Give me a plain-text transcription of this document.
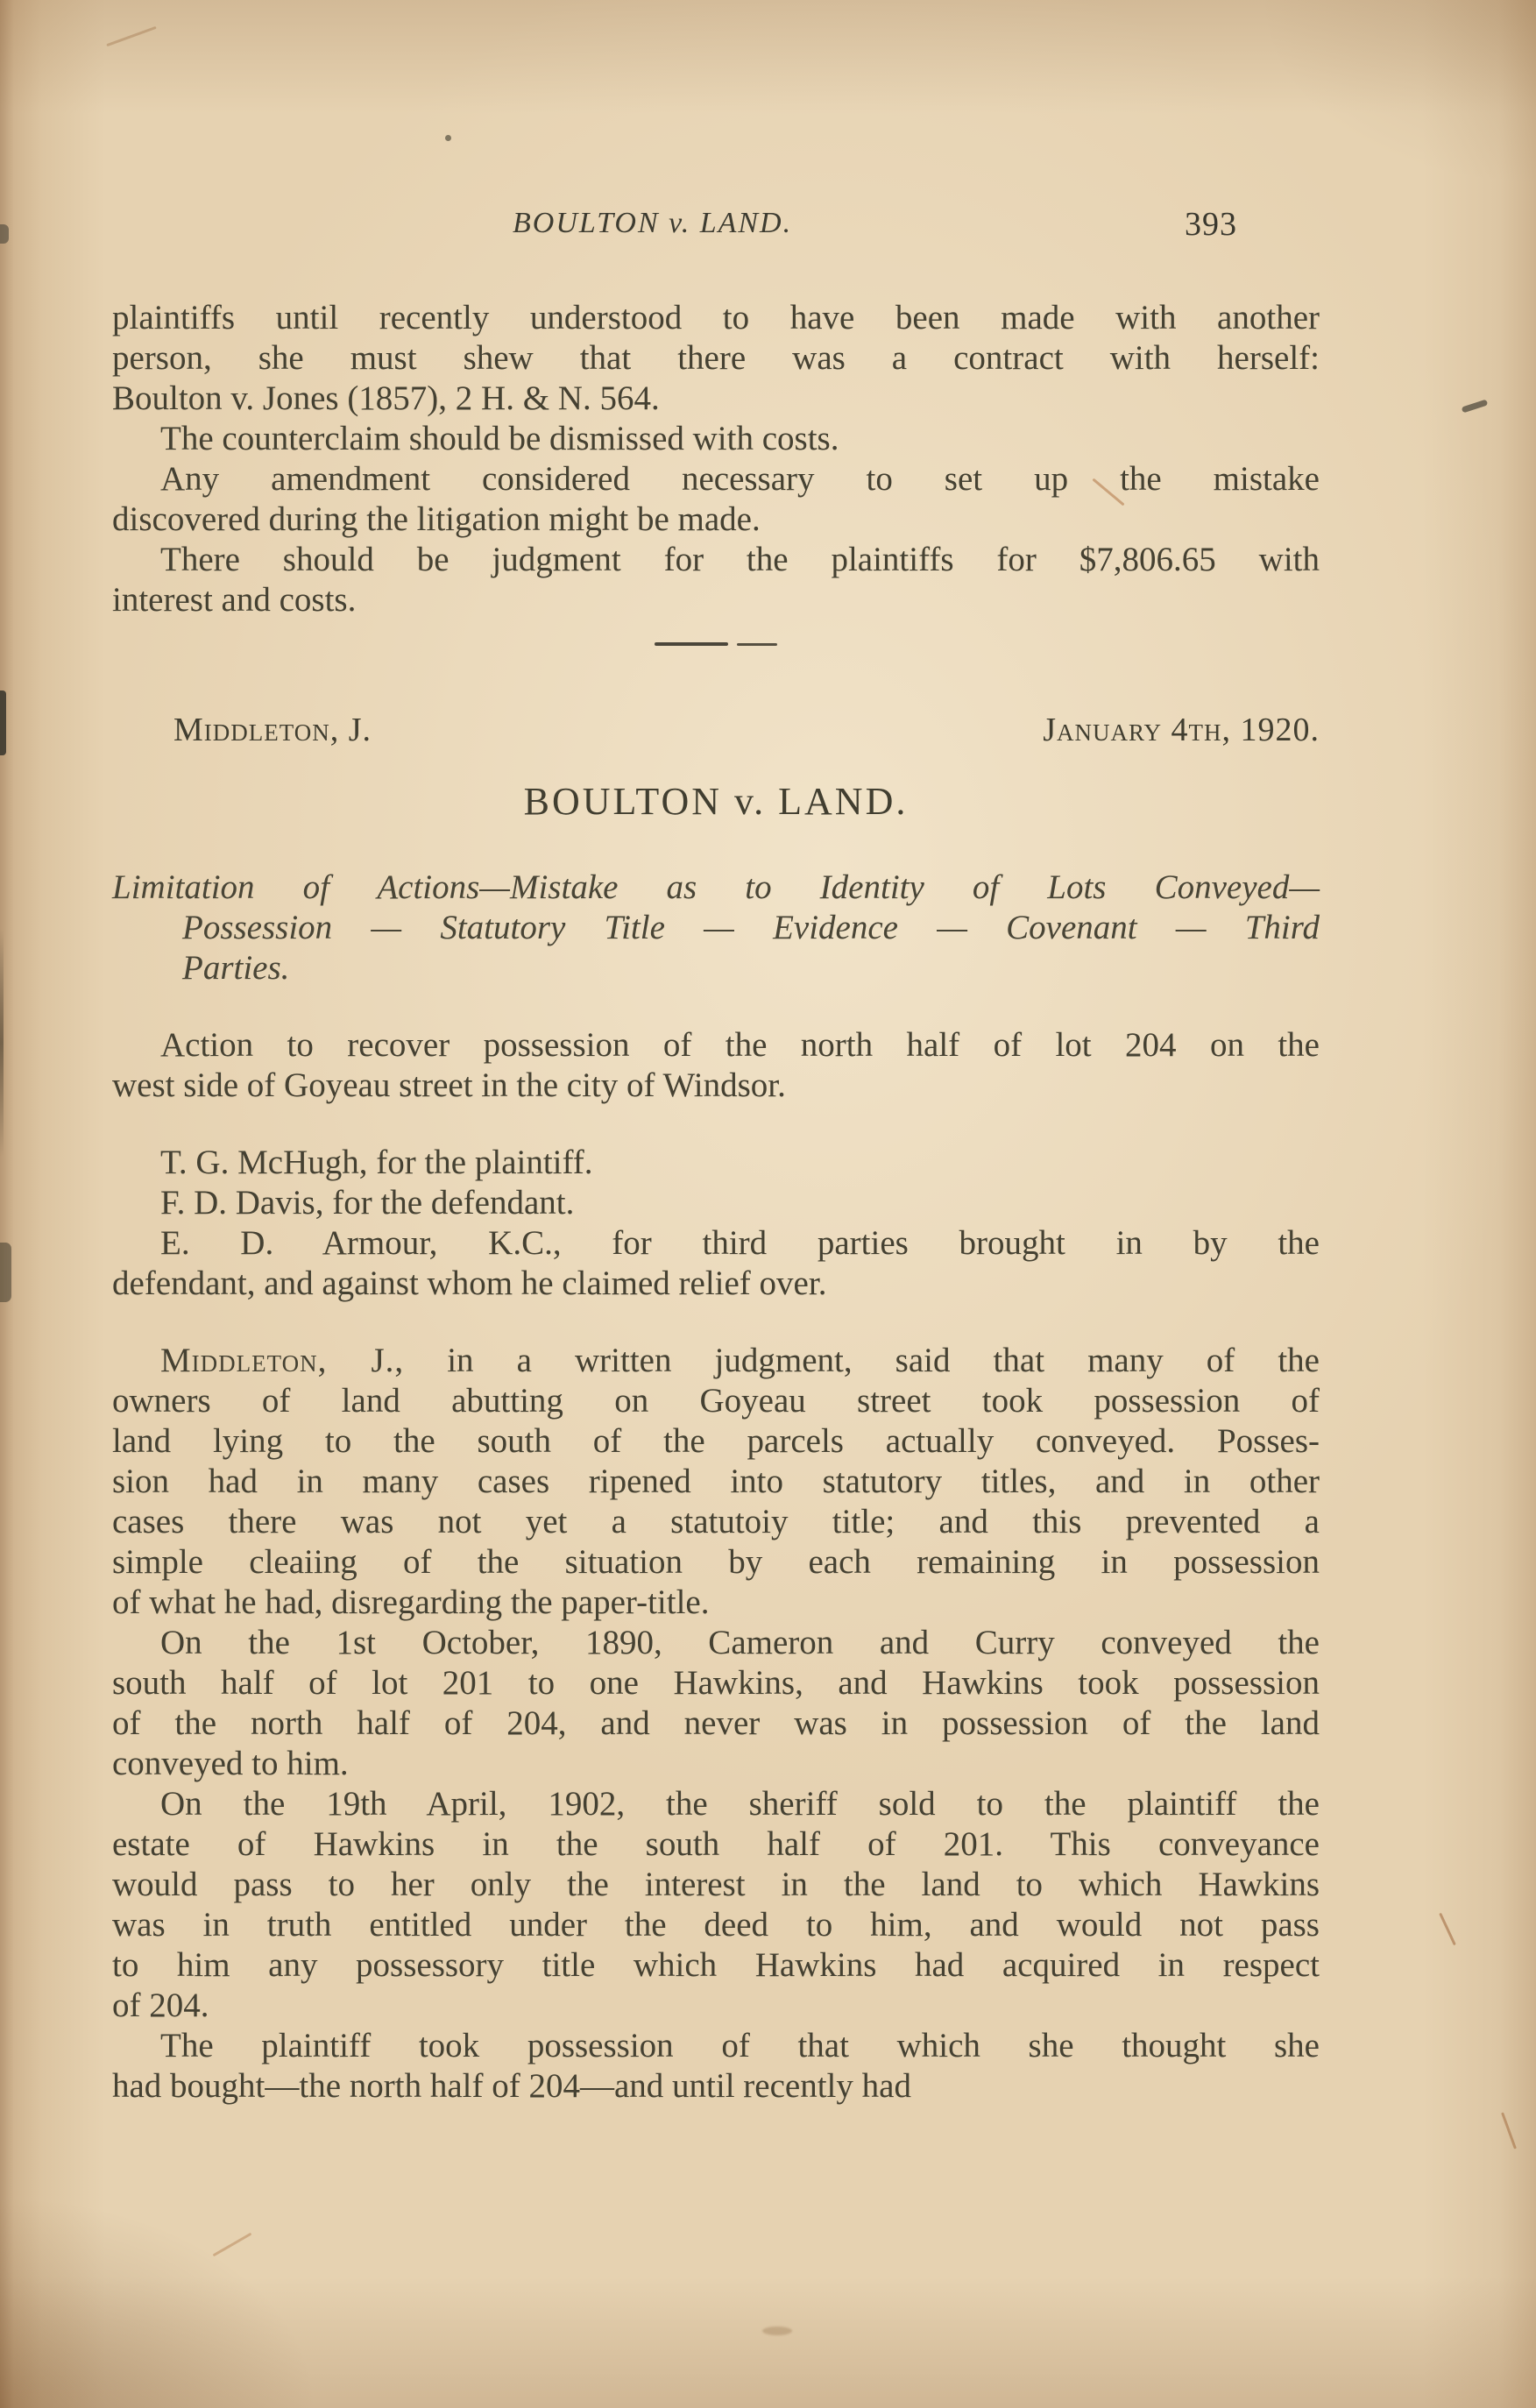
BOULTON v. LAND.	393
plaintiffs until recently understood to have been made with another
person, she must shew that there was a contract with herself:
Boulton v. Jones (1857), 2 H. & N. 564.
The counterclaim should be dismissed with costs.
Any amendment considered necessary to set up the mistake
discovered during the litigation might be made.
There should be judgment for the plaintiffs for $7,806.65 with
interest and costs.
Middleton, J.	January 4th, 1920.
BOULTON v. LAND.
Limitation of Actions—Mistake as to Identity of Lots Conveyed—
Possession — Statutory Title — Evidence — Covenant — Third
Parties.
Action to recover possession of the north half of lot 204 on the
west side of Goyeau street in the city of Windsor.
T. G. McHugh, for the plaintiff.
F. D. Davis, for the defendant.
E. D. Armour, K.C., for third parties brought in by the
defendant, and against whom he claimed relief over.
Middleton, J., in a written judgment, said that many of the
owners of land abutting on Goyeau street took possession of
land lying to the south of the parcels actually conveyed. Posses-
sion had in many cases ripened into statutory titles, and in other
cases there was not yet a statutoiy title; and this prevented a
simple cleaiing of the situation by each remaining in possession
of what he had, disregarding the paper-title.
On the 1st October, 1890, Cameron and Curry conveyed the
south half of lot 201 to one Hawkins, and Hawkins took possession
of the north half of 204, and never was in possession of the land
conveyed to him.
On the 19th April, 1902, the sheriff sold to the plaintiff the
estate of Hawkins in the south half of 201. This conveyance
would pass to her only the interest in the land to which Hawkins
was in truth entitled under the deed to him, and would not pass
to him any possessory title which Hawkins had acquired in respect
of 204.
The plaintiff took possession of that which she thought she
had bought—the north half of 204—and until recently had
